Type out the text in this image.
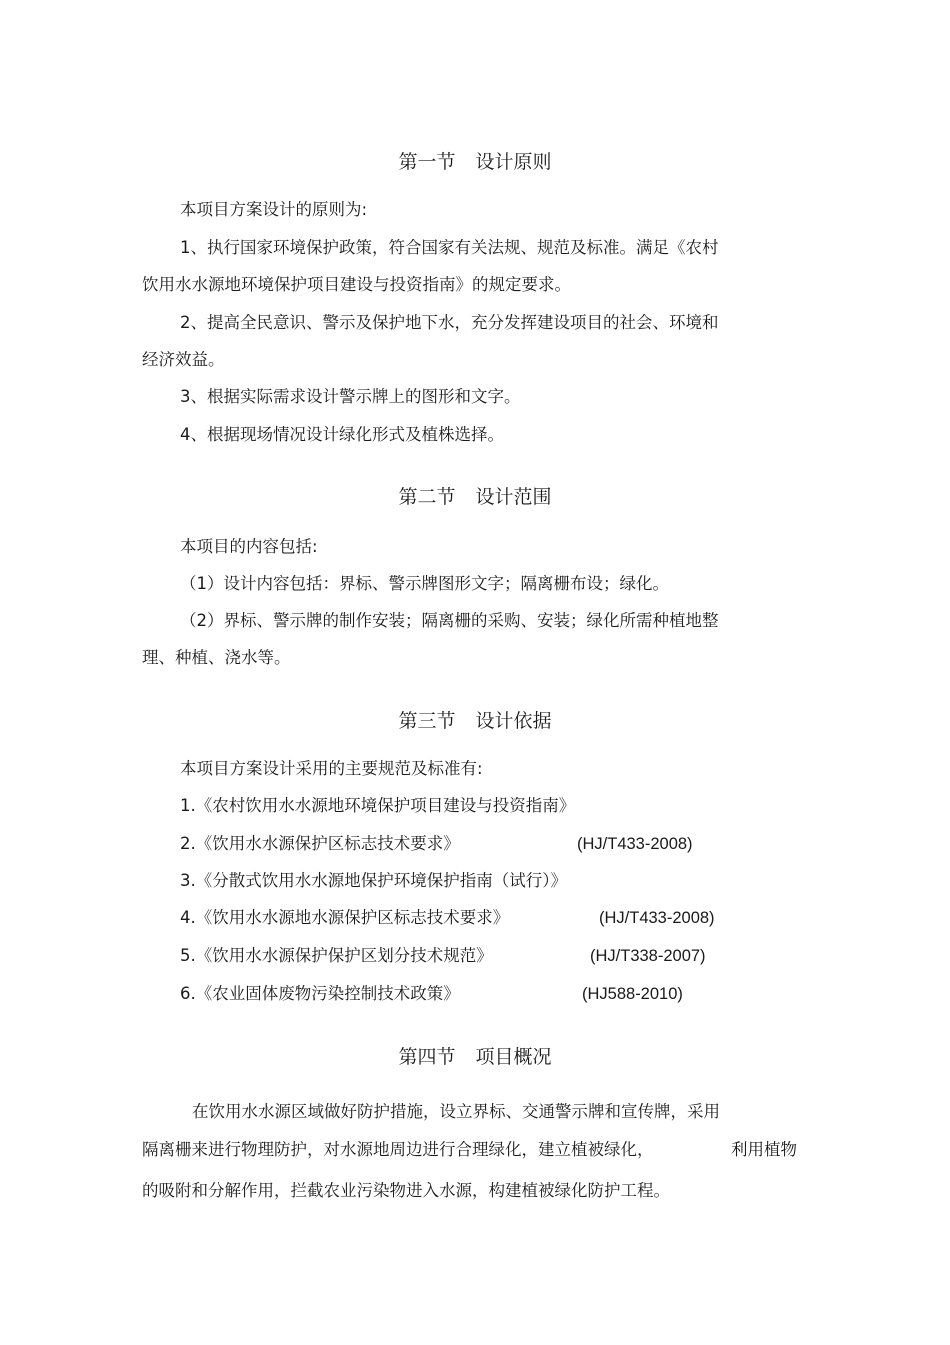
第一节 设计原则
本项目方案设计的原则为:
1、执行国家环境保护政策，符合国家有关法规、规范及标准。满足《农村
饮用水水源地环境保护项目建设与投资指南》的规定要求。
2、提高全民意识、警示及保护地下水，充分发挥建设项目的社会、环境和
经济效益。
3、根据实际需求设计警示牌上的图形和文字。
4、根据现场情况设计绿化形式及植株选择。
第二节 设计范围
本项目的内容包括:
（1）设计内容包括：界标、警示牌图形文字；隔离栅布设；绿化。
（2）界标、警示牌的制作安装；隔离栅的采购、安装；绿化所需种植地整
理、种植、浇水等。
第三节 设计依据
本项目方案设计采用的主要规范及标准有:
1.《农村饮用水水源地环境保护项目建设与投资指南》
2.《饮用水水源保护区标志技术要求》	(HJ/T433-2008)
3.《分散式饮用水水源地保护环境保护指南（试行）》
4.《饮用水水源地水源保护区标志技术要求》	(HJ/T433-2008)
5.《饮用水水源保护保护区划分技术规范》	(HJ/T338-2007)
6.《农业固体废物污染控制技术政策》	(HJ588-2010)
第四节 项目概况
在饮用水水源区域做好防护措施，设立界标、交通警示牌和宣传牌，采用
隔离栅来进行物理防护，对水源地周边进行合理绿化，建立植被绿化，	利用植物
的吸附和分解作用，拦截农业污染物进入水源，构建植被绿化防护工程。
